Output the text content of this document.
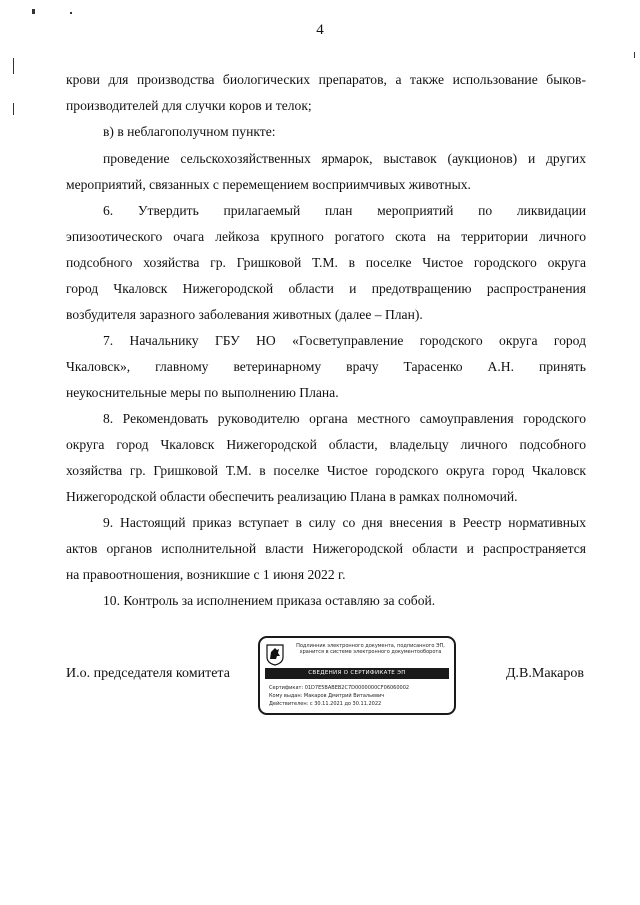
4
крови для производства биологических препаратов, а также использование быков-
производителей для случки коров и телок;
в) в неблагополучном пункте:
проведение сельскохозяйственных ярмарок, выставок (аукционов) и других
мероприятий, связанных с перемещением восприимчивых животных.
6. Утвердить прилагаемый план мероприятий по ликвидации
эпизоотического очага лейкоза крупного рогатого скота на территории личного
подсобного хозяйства гр. Гришковой Т.М. в поселке Чистое городского округа
город Чкаловск Нижегородской области и предотвращению распространения
возбудителя заразного заболевания животных (далее – План).
7. Начальнику ГБУ НО «Госветуправление городского округа город
Чкаловск», главному ветеринарному врачу Тарасенко А.Н. принять
неукоснительные меры по выполнению Плана.
8. Рекомендовать руководителю органа местного самоуправления городского
округа город Чкаловск Нижегородской области, владельцу личного подсобного
хозяйства гр. Гришковой Т.М. в поселке Чистое городского округа город Чкаловск
Нижегородской области обеспечить реализацию Плана в рамках полномочий.
9. Настоящий приказ вступает в силу со дня внесения в Реестр нормативных
актов органов исполнительной власти Нижегородской области и распространяется
на правоотношения, возникшие с 1 июня 2022 г.
10. Контроль за исполнением приказа оставляю за собой.
И.о. председателя комитета
Подлинник электронного документа, подписанного ЭП,
хранится в системе электронного документооборота
СВЕДЕНИЯ О СЕРТИФИКАТЕ ЭП
Сертификат: 01D7E5BABEB2C7D0000000CF06060002
Кому выдан: Макаров Дмитрий Витальевич
Действителен: с 30.11.2021 до 30.11.2022
Д.В.Макаров
